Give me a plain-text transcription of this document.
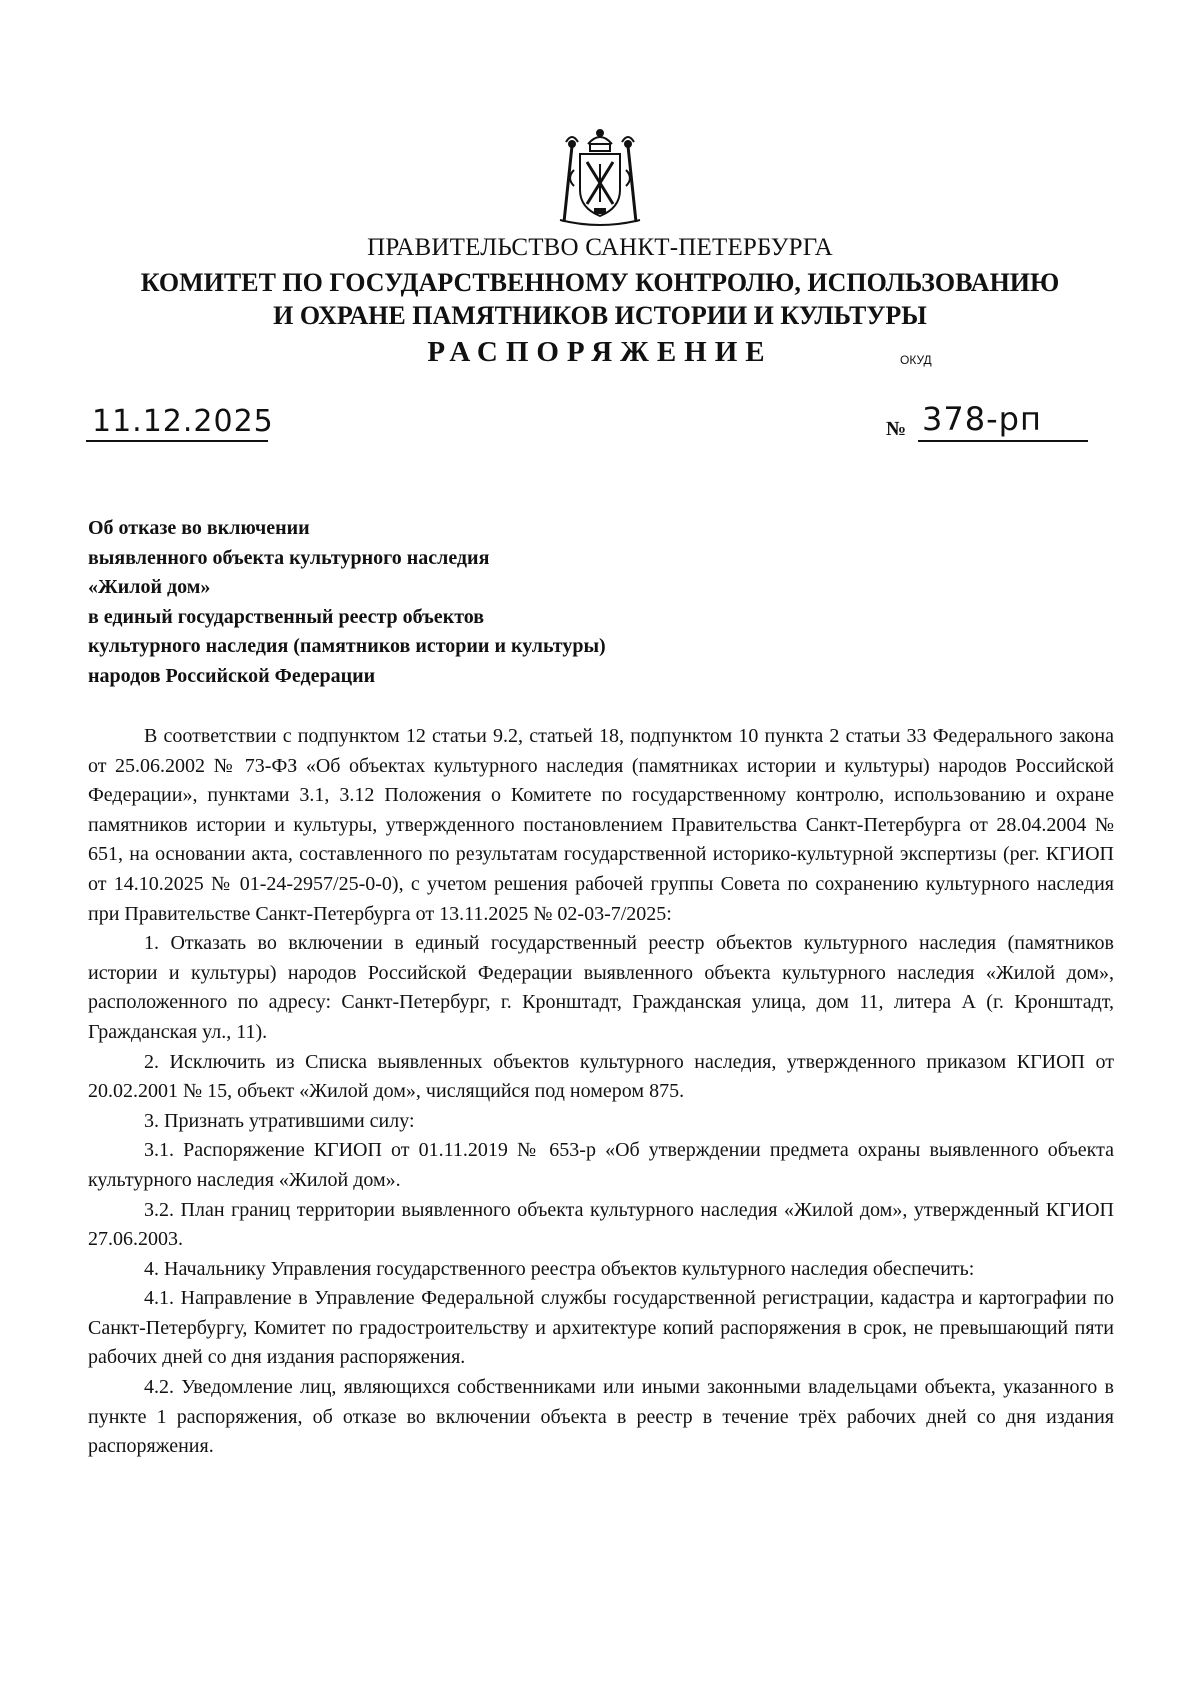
ПРАВИТЕЛЬСТВО САНКТ-ПЕТЕРБУРГА
КОМИТЕТ ПО ГОСУДАРСТВЕННОМУ КОНТРОЛЮ, ИСПОЛЬЗОВАНИЮ
И ОХРАНЕ ПАМЯТНИКОВ ИСТОРИИ И КУЛЬТУРЫ
РАСПОРЯЖЕНИЕ	ОКУД
11.12.2025	№ 378-рп
Об отказе во включении
выявленного объекта культурного наследия
«Жилой дом»
в единый государственный реестр объектов
культурного наследия (памятников истории и культуры)
народов Российской Федерации

В соответствии с подпунктом 12 статьи 9.2, статьей 18, подпунктом 10 пункта 2 статьи 33 Федерального закона от 25.06.2002 № 73-ФЗ «Об объектах культурного наследия (памятниках истории и культуры) народов Российской Федерации», пунктами 3.1, 3.12 Положения о Комитете по государственному контролю, использованию и охране памятников истории и культуры, утвержденного постановлением Правительства Санкт-Петербурга от 28.04.2004 № 651, на основании акта, составленного по результатам государственной историко-культурной экспертизы (рег. КГИОП от 14.10.2025 № 01-24-2957/25-0-0), с учетом решения рабочей группы Совета по сохранению культурного наследия при Правительстве Санкт-Петербурга от 13.11.2025 № 02-03-7/2025:

1. Отказать во включении в единый государственный реестр объектов культурного наследия (памятников истории и культуры) народов Российской Федерации выявленного объекта культурного наследия «Жилой дом», расположенного по адресу: Санкт-Петербург, г. Кронштадт, Гражданская улица, дом 11, литера А (г. Кронштадт, Гражданская ул., 11).

2. Исключить из Списка выявленных объектов культурного наследия, утвержденного приказом КГИОП от 20.02.2001 № 15, объект «Жилой дом», числящийся под номером 875.

3. Признать утратившими силу:

3.1. Распоряжение КГИОП от 01.11.2019 № 653-р «Об утверждении предмета охраны выявленного объекта культурного наследия «Жилой дом».

3.2. План границ территории выявленного объекта культурного наследия «Жилой дом», утвержденный КГИОП 27.06.2003.

4. Начальнику Управления государственного реестра объектов культурного наследия обеспечить:

4.1. Направление в Управление Федеральной службы государственной регистрации, кадастра и картографии по Санкт-Петербургу, Комитет по градостроительству и архитектуре копий распоряжения в срок, не превышающий пяти рабочих дней со дня издания распоряжения.

4.2. Уведомление лиц, являющихся собственниками или иными законными владельцами объекта, указанного в пункте 1 распоряжения, об отказе во включении объекта в реестр в течение трёх рабочих дней со дня издания распоряжения.
